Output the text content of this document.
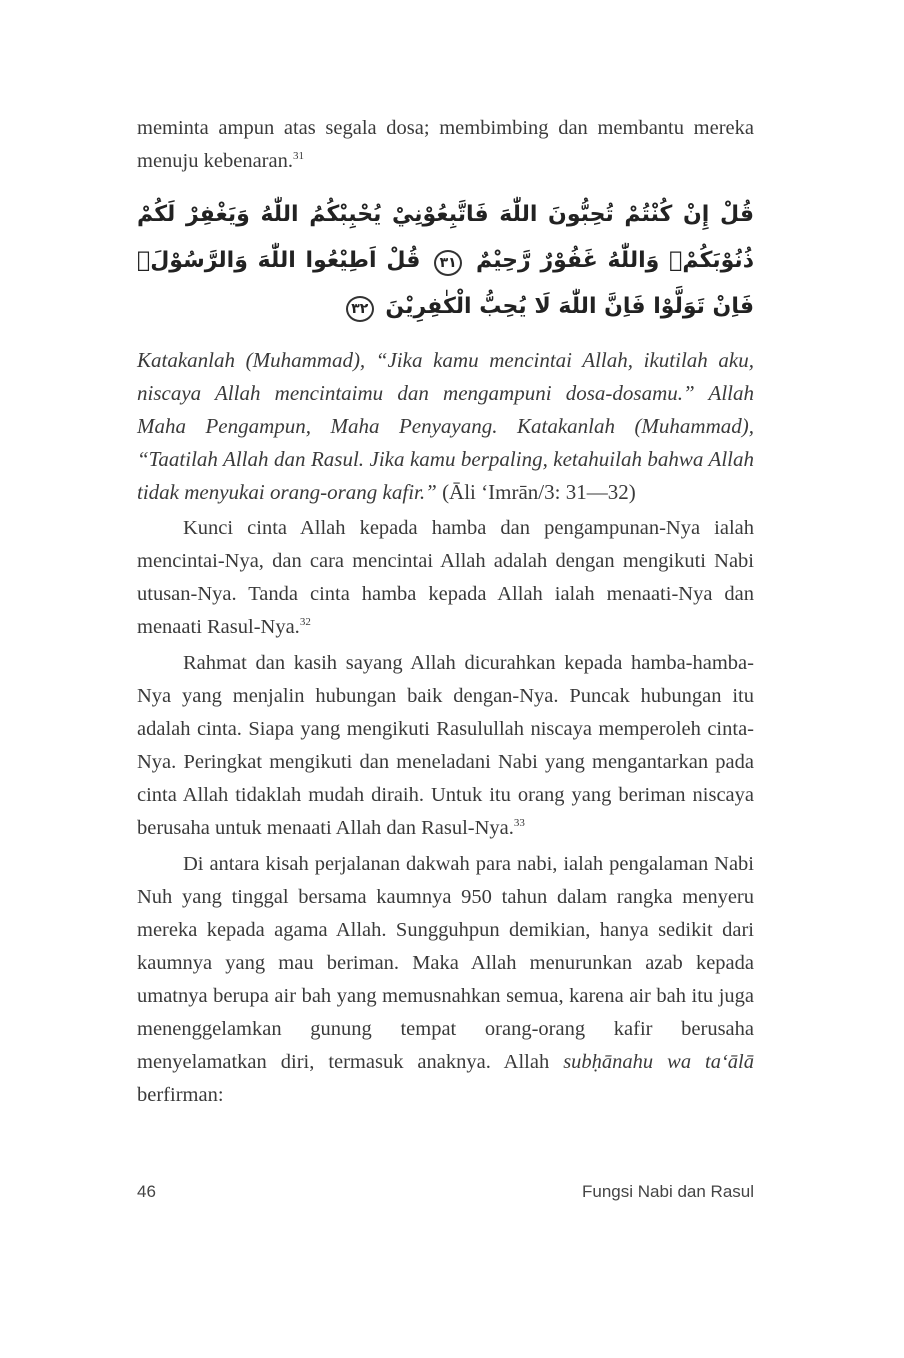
meminta ampun atas segala dosa; membimbing dan membantu mereka menuju kebenaran.$^{31}$

قُلْ إِنْ كُنْتُمْ تُحِبُّونَ اللّٰهَ فَاتَّبِعُوْنِيْ يُحْبِبْكُمُ اللّٰهُ وَيَغْفِرْ لَكُمْ ذُنُوْبَكُمْۗ وَاللّٰهُ غَفُوْرٌ رَّحِيْمٌ ٣١ قُلْ اَطِيْعُوا اللّٰهَ وَالرَّسُوْلَۚ فَاِنْ تَوَلَّوْا فَاِنَّ اللّٰهَ لَا يُحِبُّ الْكٰفِرِيْنَ ٣٢

Katakanlah (Muhammad), “Jika kamu mencintai Allah, ikutilah aku, niscaya Allah mencintaimu dan mengampuni dosa-dosamu.” Allah Maha Pengampun, Maha Penyayang. Katakanlah (Muhammad), “Taatilah Allah dan Rasul. Jika kamu berpaling, ketahuilah bahwa Allah tidak menyukai orang-orang kafir.” (Āli ‘Imrān/3: 31—32)

Kunci cinta Allah kepada hamba dan pengampunan-Nya ialah mencintai-Nya, dan cara mencintai Allah adalah dengan mengikuti Nabi utusan-Nya. Tanda cinta hamba kepada Allah ialah menaati-Nya dan menaati Rasul-Nya.$^{32}$

Rahmat dan kasih sayang Allah dicurahkan kepada hamba-hamba-Nya yang menjalin hubungan baik dengan-Nya. Puncak hubungan itu adalah cinta. Siapa yang mengikuti Rasulullah niscaya memperoleh cinta-Nya. Peringkat mengikuti dan meneladani Nabi yang mengantarkan pada cinta Allah tidaklah mudah diraih. Untuk itu orang yang beriman niscaya berusaha untuk menaati Allah dan Rasul-Nya.$^{33}$

Di antara kisah perjalanan dakwah para nabi, ialah pengalaman Nabi Nuh yang tinggal bersama kaumnya 950 tahun dalam rangka menyeru mereka kepada agama Allah. Sungguhpun demikian, hanya sedikit dari kaumnya yang mau beriman. Maka Allah menurunkan azab kepada umatnya berupa air bah yang memusnahkan semua, karena air bah itu juga menenggelamkan gunung tempat orang-orang kafir berusaha menyelamatkan diri, termasuk anaknya. Allah subḥānahu wa ta‘ālā berfirman:

46	Fungsi Nabi dan Rasul
